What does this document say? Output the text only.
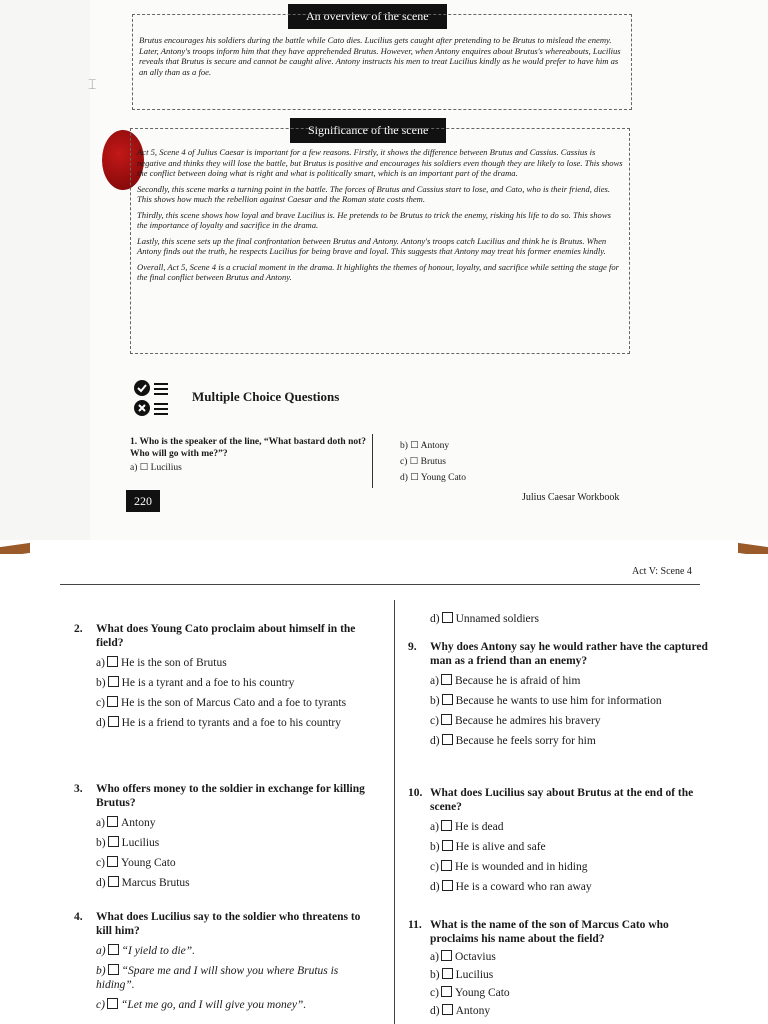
⌶
An overview of the scene

Brutus encourages his soldiers during the battle while Cato dies. Lucilius gets caught after pretending to be Brutus to mislead the enemy. Later, Antony's troops inform him that they have apprehended Brutus. However, when Antony enquires about Brutus's whereabouts, Lucilius reveals that Brutus is secure and cannot be caught alive. Antony instructs his men to treat Lucilius kindly as he would prefer to have him as an ally than as a foe.

Significance of the scene

Act 5, Scene 4 of Julius Caesar is important for a few reasons. Firstly, it shows the difference between Brutus and Cassius. Cassius is negative and thinks they will lose the battle, but Brutus is positive and encourages his soldiers even though they are likely to lose. This shows the conflict between doing what is right and what is politically smart, which is an important part of the drama.

Secondly, this scene marks a turning point in the battle. The forces of Brutus and Cassius start to lose, and Cato, who is their friend, dies. This shows how much the rebellion against Caesar and the Roman state costs them.

Thirdly, this scene shows how loyal and brave Lucilius is. He pretends to be Brutus to trick the enemy, risking his life to do so. This shows the importance of loyalty and sacrifice in the drama.

Lastly, this scene sets up the final confrontation between Brutus and Antony. Antony's troops catch Lucilius and think he is Brutus. When Antony finds out the truth, he respects Lucilius for being brave and loyal. This suggests that Antony may treat his former enemies kindly.

Overall, Act 5, Scene 4 is a crucial moment in the drama. It highlights the themes of honour, loyalty, and sacrifice while setting the stage for the final conflict between Brutus and Antony.

Multiple Choice Questions
1. Who is the speaker of the line, “What bastard doth not? Who will go with me?”?
a) ☐ Lucilius
b) ☐ Antony
c) ☐ Brutus
d) ☐ Young Cato
220	Julius Caesar Workbook
Act V: Scene 4
2. What does Young Cato proclaim about himself in the field?
a) He is the son of Brutus
b) He is a tyrant and a foe to his country
c) He is the son of Marcus Cato and a foe to tyrants
d) He is a friend to tyrants and a foe to his country
3. Who offers money to the soldier in exchange for killing Brutus?
a) Antony
b) Lucilius
c) Young Cato
d) Marcus Brutus
4. What does Lucilius say to the soldier who threatens to kill him?
a) “I yield to die”.
b) “Spare me and I will show you where Brutus is hiding”.
c) “Let me go, and I will give you money”.
d) Unnamed soldiers
9. Why does Antony say he would rather have the captured man as a friend than an enemy?
a) Because he is afraid of him
b) Because he wants to use him for information
c) Because he admires his bravery
d) Because he feels sorry for him
10. What does Lucilius say about Brutus at the end of the scene?
a) He is dead
b) He is alive and safe
c) He is wounded and in hiding
d) He is a coward who ran away
11. What is the name of the son of Marcus Cato who proclaims his name about the field?
a) Octavius
b) Lucilius
c) Young Cato
d) Antony
